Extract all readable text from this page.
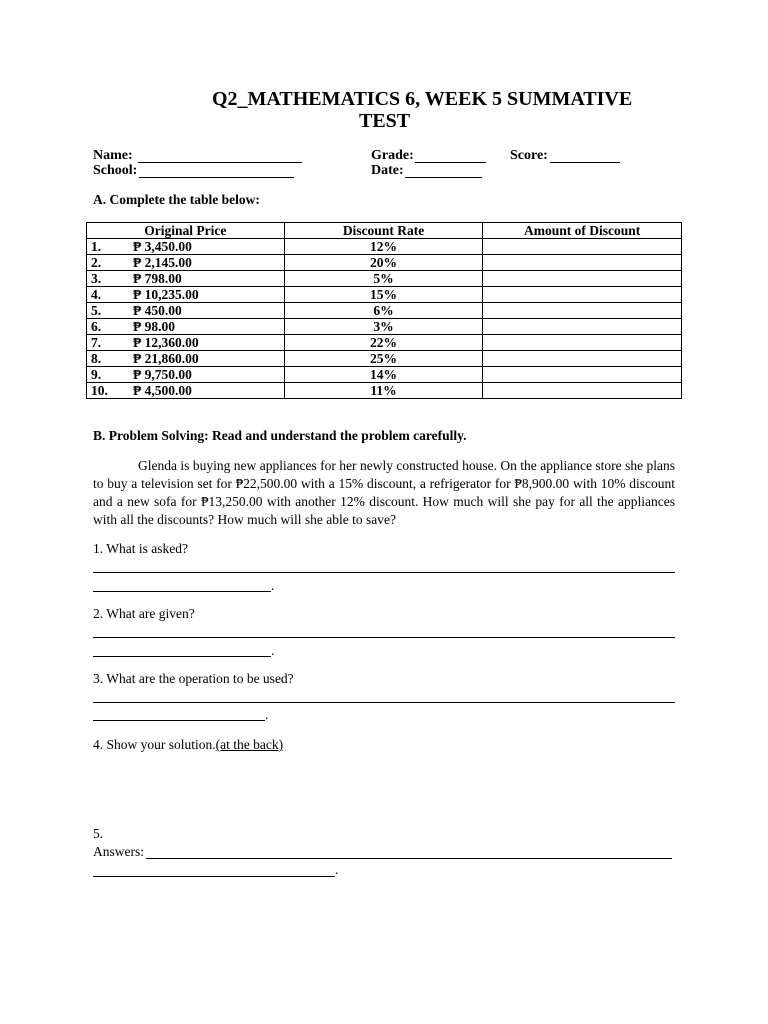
Q2_MATHEMATICS 6, WEEK 5 SUMMATIVE
TEST
Name:	Grade:	Score:
School:	Date:
A. Complete the table below:
Original Price	Discount Rate	Amount of Discount
1. ₱ 3,450.00	12%	
2. ₱ 2,145.00	20%	
3. ₱ 798.00	5%	
4. ₱ 10,235.00	15%	
5. ₱ 450.00	6%	
6. ₱ 98.00	3%	
7. ₱ 12,360.00	22%	
8. ₱ 21,860.00	25%	
9. ₱ 9,750.00	14%	
10. ₱ 4,500.00	11%	
B. Problem Solving: Read and understand the problem carefully.

Glenda is buying new appliances for her newly constructed house. On the appliance store she plans to buy a television set for ₱22,500.00 with a 15% discount, a refrigerator for ₱8,900.00 with 10% discount and a new sofa for ₱13,250.00 with another 12% discount. How much will she pay for all the appliances with all the discounts? How much will she able to save?

1. What is asked?
.
2. What are given?
.
3. What are the operation to be used?
.
4. Show your solution.(at the back)
5.
Answers:
.
